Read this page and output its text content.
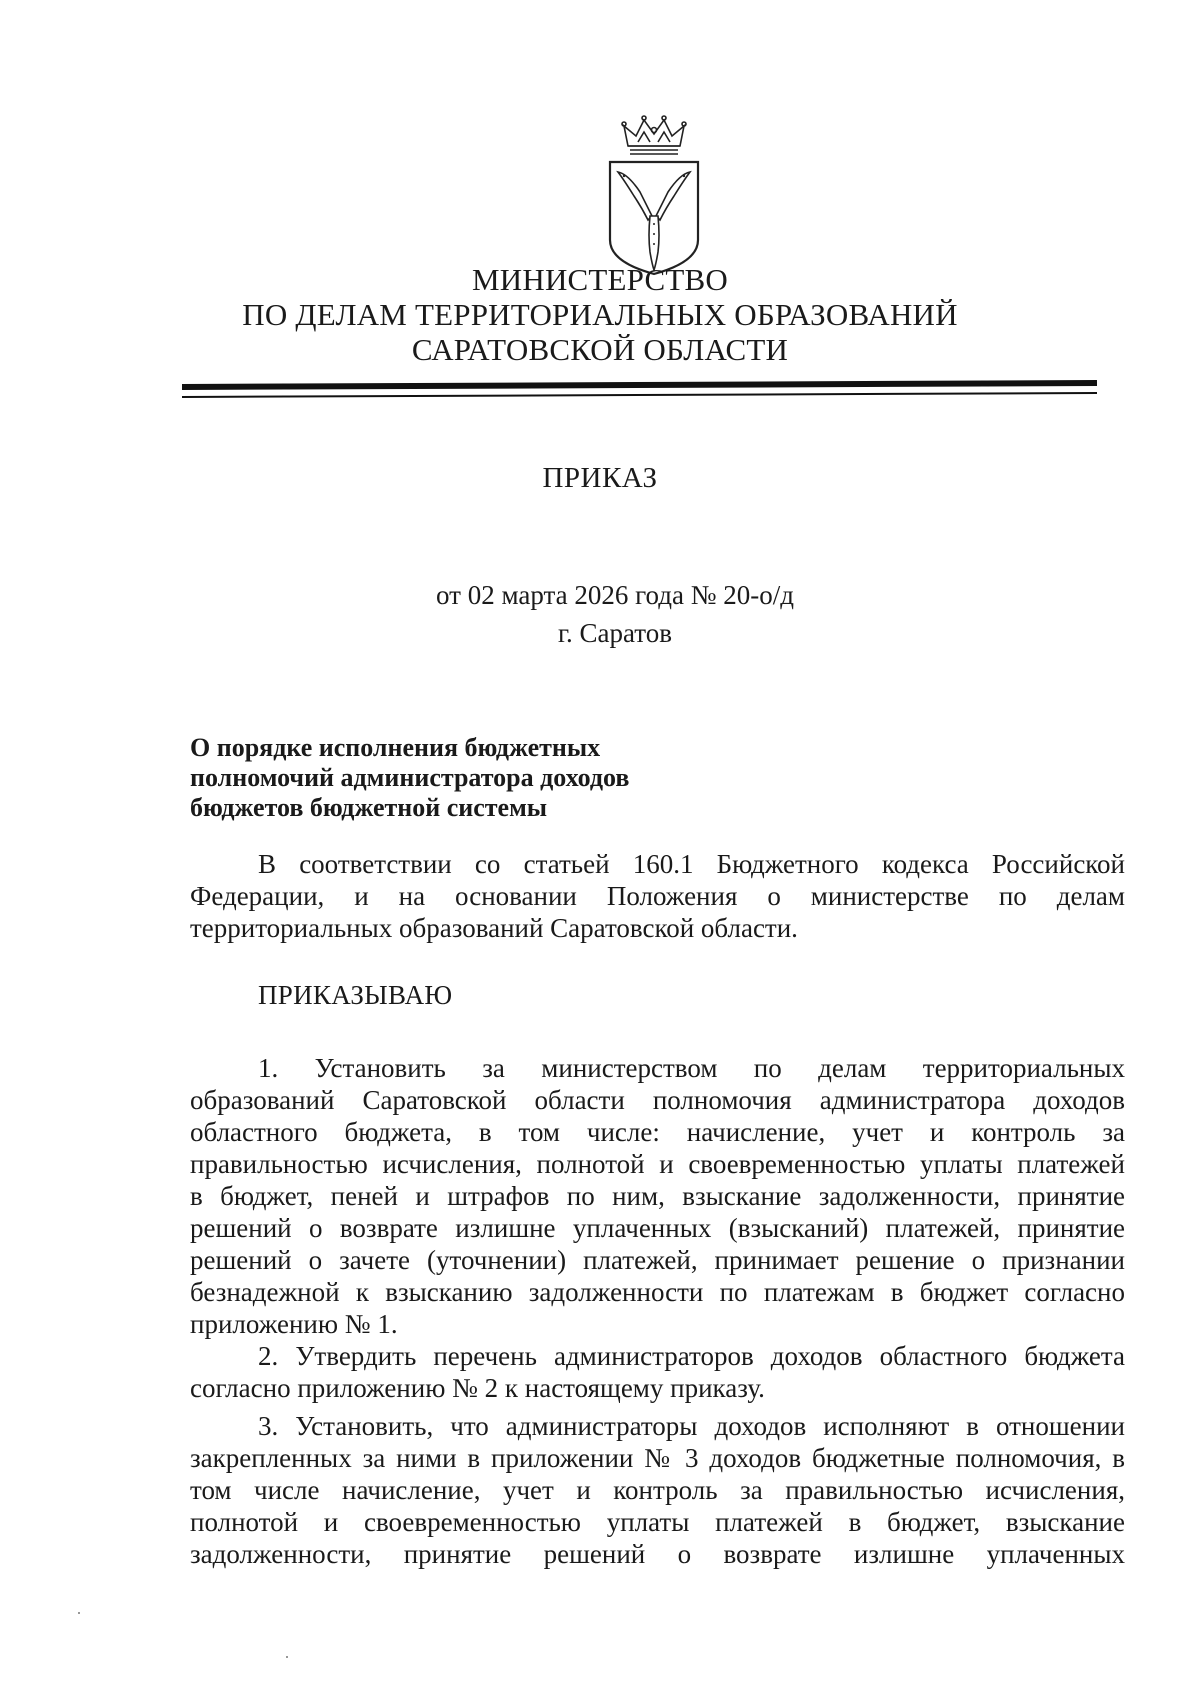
МИНИСТЕРСТВО
ПО ДЕЛАМ ТЕРРИТОРИАЛЬНЫХ ОБРАЗОВАНИЙ
САРАТОВСКОЙ ОБЛАСТИ
ПРИКАЗ
от 02 марта 2026 года № 20-о/д
г. Саратов
О порядке исполнения бюджетных
полномочий администратора доходов
бюджетов бюджетной системы
В соответствии со статьей 160.1 Бюджетного кодекса Российской
Федерации, и на основании Положения о министерстве по делам
территориальных образований Саратовской области.
ПРИКАЗЫВАЮ
1. Установить за министерством по делам территориальных
образований Саратовской области полномочия администратора доходов
областного бюджета, в том числе: начисление, учет и контроль за
правильностью исчисления, полнотой и своевременностью уплаты платежей
в бюджет, пеней и штрафов по ним, взыскание задолженности, принятие
решений о возврате излишне уплаченных (взысканий) платежей, принятие
решений о зачете (уточнении) платежей, принимает решение о признании
безнадежной к взысканию задолженности по платежам в бюджет согласно
приложению № 1.
2. Утвердить перечень администраторов доходов областного бюджета
согласно приложению № 2 к настоящему приказу.
3. Установить, что администраторы доходов исполняют в отношении
закрепленных за ними в приложении № 3 доходов бюджетные полномочия, в
том числе начисление, учет и контроль за правильностью исчисления,
полнотой и своевременностью уплаты платежей в бюджет, взыскание
задолженности, принятие решений о возврате излишне уплаченных
